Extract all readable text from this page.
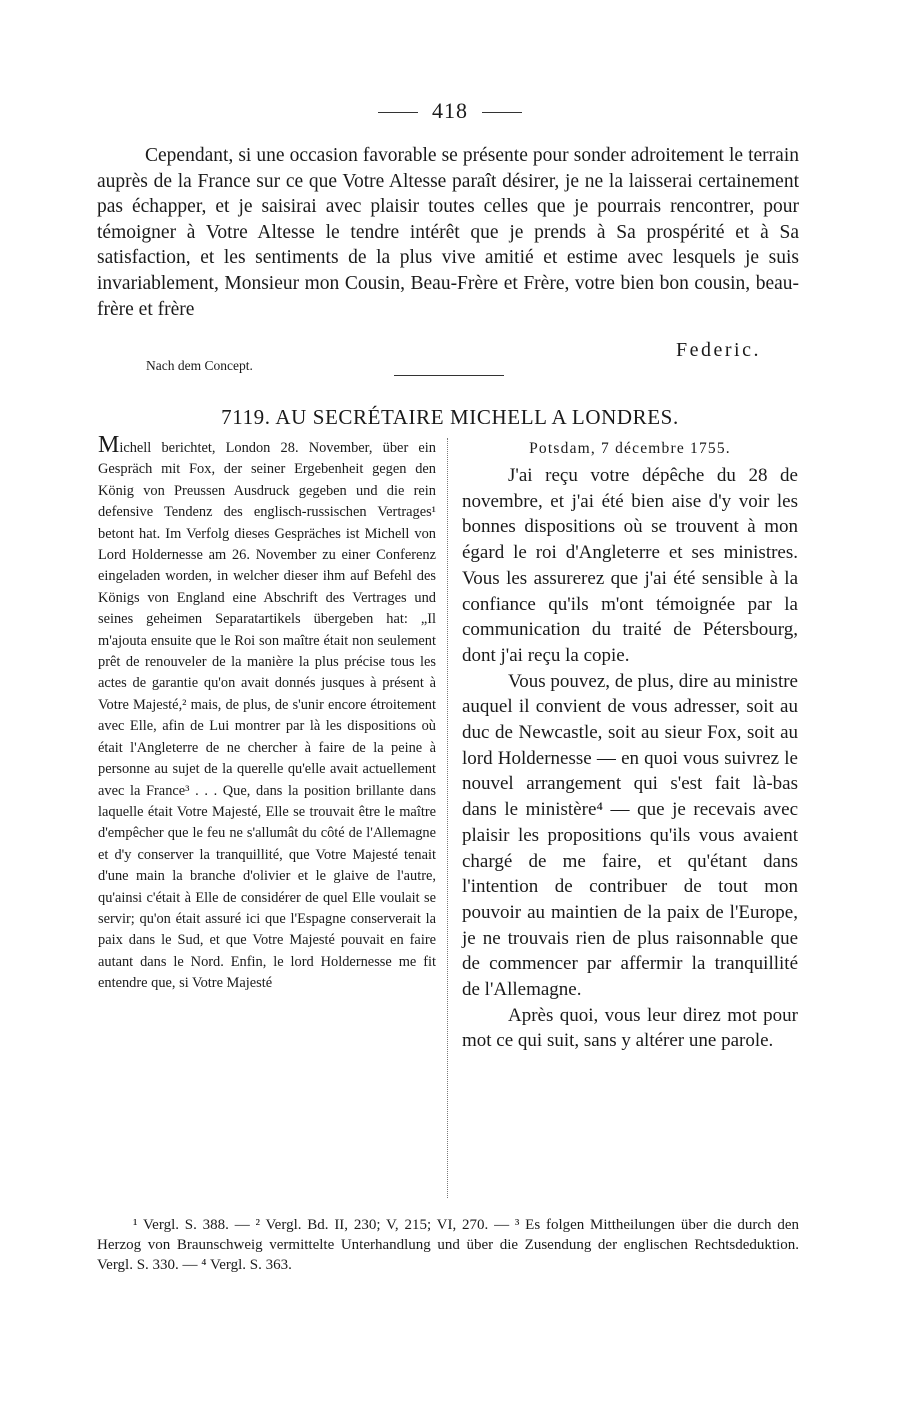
418

Cependant, si une occasion favorable se présente pour sonder adroitement le terrain auprès de la France sur ce que Votre Altesse paraît désirer, je ne la laisserai certainement pas échapper, et je saisirai avec plaisir toutes celles que je pourrais rencontrer, pour témoigner à Votre Altesse le tendre intérêt que je prends à Sa prospérité et à Sa satisfaction, et les sentiments de la plus vive amitié et estime avec lesquels je suis invariablement, Monsieur mon Cousin, Beau-Frère et Frère, votre bien bon cousin, beau-frère et frère

Federic.
Nach dem Concept.
7119. AU SECRÉTAIRE MICHELL A LONDRES.

Michell berichtet, London 28. November, über ein Gespräch mit Fox, der seiner Ergebenheit gegen den König von Preussen Ausdruck gegeben und die rein defensive Tendenz des englisch-russischen Vertrages¹ betont hat. Im Verfolg dieses Gespräches ist Michell von Lord Holdernesse am 26. November zu einer Conferenz eingeladen worden, in welcher dieser ihm auf Befehl des Königs von England eine Abschrift des Vertrages und seines geheimen Separatartikels übergeben hat: „Il m'ajouta ensuite que le Roi son maître était non seulement prêt de renouveler de la manière la plus précise tous les actes de garantie qu'on avait donnés jusques à présent à Votre Majesté,² mais, de plus, de s'unir encore étroitement avec Elle, afin de Lui montrer par là les dispositions où était l'Angleterre de ne chercher à faire de la peine à personne au sujet de la querelle qu'elle avait actuellement avec la France³ . . . Que, dans la position brillante dans laquelle était Votre Majesté, Elle se trouvait être le maître d'empêcher que le feu ne s'allumât du côté de l'Allemagne et d'y conserver la tranquillité, que Votre Majesté tenait d'une main la branche d'olivier et le glaive de l'autre, qu'ainsi c'était à Elle de considérer de quel Elle voulait se servir; qu'on était assuré ici que l'Espagne conserverait la paix dans le Sud, et que Votre Majesté pouvait en faire autant dans le Nord. Enfin, le lord Holdernesse me fit entendre que, si Votre Majesté

Potsdam, 7 décembre 1755.

J'ai reçu votre dépêche du 28 de novembre, et j'ai été bien aise d'y voir les bonnes dispositions où se trouvent à mon égard le roi d'Angleterre et ses ministres. Vous les assurerez que j'ai été sensible à la confiance qu'ils m'ont témoignée par la communication du traité de Pétersbourg, dont j'ai reçu la copie.

Vous pouvez, de plus, dire au ministre auquel il convient de vous adresser, soit au duc de Newcastle, soit au sieur Fox, soit au lord Holdernesse — en quoi vous suivrez le nouvel arrangement qui s'est fait là-bas dans le ministère⁴ — que je recevais avec plaisir les propositions qu'ils vous avaient chargé de me faire, et qu'étant dans l'intention de contribuer de tout mon pouvoir au maintien de la paix de l'Europe, je ne trouvais rien de plus raisonnable que de commencer par affermir la tranquillité de l'Allemagne.

Après quoi, vous leur direz mot pour mot ce qui suit, sans y altérer une parole.

¹ Vergl. S. 388. — ² Vergl. Bd. II, 230; V, 215; VI, 270. — ³ Es folgen Mittheilungen über die durch den Herzog von Braunschweig vermittelte Unterhandlung und über die Zusendung der englischen Rechtsdeduktion. Vergl. S. 330. — ⁴ Vergl. S. 363.
